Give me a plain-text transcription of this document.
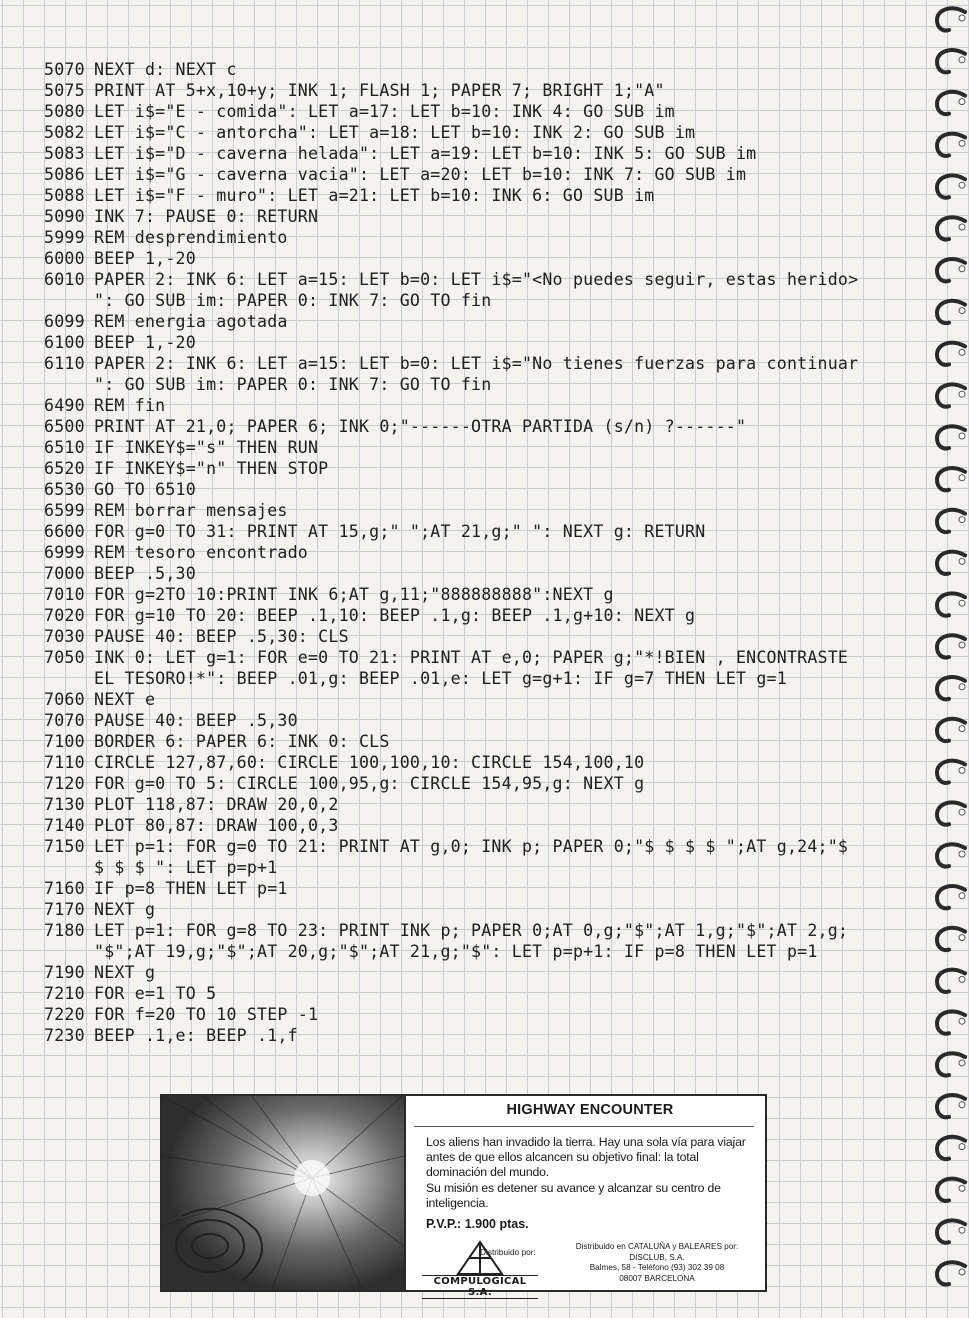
5070 NEXT d: NEXT c
5075 PRINT AT 5+x,10+y; INK 1; FLASH 1; PAPER 7; BRIGHT 1;"A"
5080 LET i$="E - comida": LET a=17: LET b=10: INK 4: GO SUB im
5082 LET i$="C - antorcha": LET a=18: LET b=10: INK 2: GO SUB im
5083 LET i$="D - caverna helada": LET a=19: LET b=10: INK 5: GO SUB im
5086 LET i$="G - caverna vacia": LET a=20: LET b=10: INK 7: GO SUB im
5088 LET i$="F - muro": LET a=21: LET b=10: INK 6: GO SUB im
5090 INK 7: PAUSE 0: RETURN
5999 REM desprendimiento
6000 BEEP 1,-20
6010 PAPER 2: INK 6: LET a=15: LET b=0: LET i$="<No puedes seguir, estas herido>
": GO SUB im: PAPER 0: INK 7: GO TO fin
6099 REM energia agotada
6100 BEEP 1,-20
6110 PAPER 2: INK 6: LET a=15: LET b=0: LET i$="No tienes fuerzas para continuar
": GO SUB im: PAPER 0: INK 7: GO TO fin
6490 REM fin
6500 PRINT AT 21,0; PAPER 6; INK 0;"------OTRA PARTIDA (s/n) ?------"
6510 IF INKEY$="s" THEN RUN
6520 IF INKEY$="n" THEN STOP
6530 GO TO 6510
6599 REM borrar mensajes
6600 FOR g=0 TO 31: PRINT AT 15,g;" ";AT 21,g;" ": NEXT g: RETURN
6999 REM tesoro encontrado
7000 BEEP .5,30
7010 FOR g=2TO 10:PRINT INK 6;AT g,11;"888888888":NEXT g
7020 FOR g=10 TO 20: BEEP .1,10: BEEP .1,g: BEEP .1,g+10: NEXT g
7030 PAUSE 40: BEEP .5,30: CLS
7050 INK 0: LET g=1: FOR e=0 TO 21: PRINT AT e,0; PAPER g;"*!BIEN , ENCONTRASTE
EL TESORO!*": BEEP .01,g: BEEP .01,e: LET g=g+1: IF g=7 THEN LET g=1
7060 NEXT e
7070 PAUSE 40: BEEP .5,30
7100 BORDER 6: PAPER 6: INK 0: CLS
7110 CIRCLE 127,87,60: CIRCLE 100,100,10: CIRCLE 154,100,10
7120 FOR g=0 TO 5: CIRCLE 100,95,g: CIRCLE 154,95,g: NEXT g
7130 PLOT 118,87: DRAW 20,0,2
7140 PLOT 80,87: DRAW 100,0,3
7150 LET p=1: FOR g=0 TO 21: PRINT AT g,0; INK p; PAPER 0;"$ $ $ $ ";AT g,24;"$
$ $ $ ": LET p=p+1
7160 IF p=8 THEN LET p=1
7170 NEXT g
7180 LET p=1: FOR g=8 TO 23: PRINT INK p; PAPER 0;AT 0,g;"$";AT 1,g;"$";AT 2,g;
"$";AT 19,g;"$";AT 20,g;"$";AT 21,g;"$": LET p=p+1: IF p=8 THEN LET p=1
7190 NEXT g
7210 FOR e=1 TO 5
7220 FOR f=20 TO 10 STEP -1
7230 BEEP .1,e: BEEP .1,f
HIGHWAY ENCOUNTER

Los aliens han invadido la tierra. Hay una sola vía para viajar antes de que ellos alcancen su objetivo final: la total dominación del mundo.

Su misión es detener su avance y alcanzar su centro de inteligencia.

P.V.P.: 1.900 ptas.
COMPULOGICAL S.A.
Distribuido por:
Distribuido en CATALUÑA y BALEARES por:
DISCLUB, S.A.
Balmes, 58 - Teléfono (93) 302 39 08
08007 BARCELONA
